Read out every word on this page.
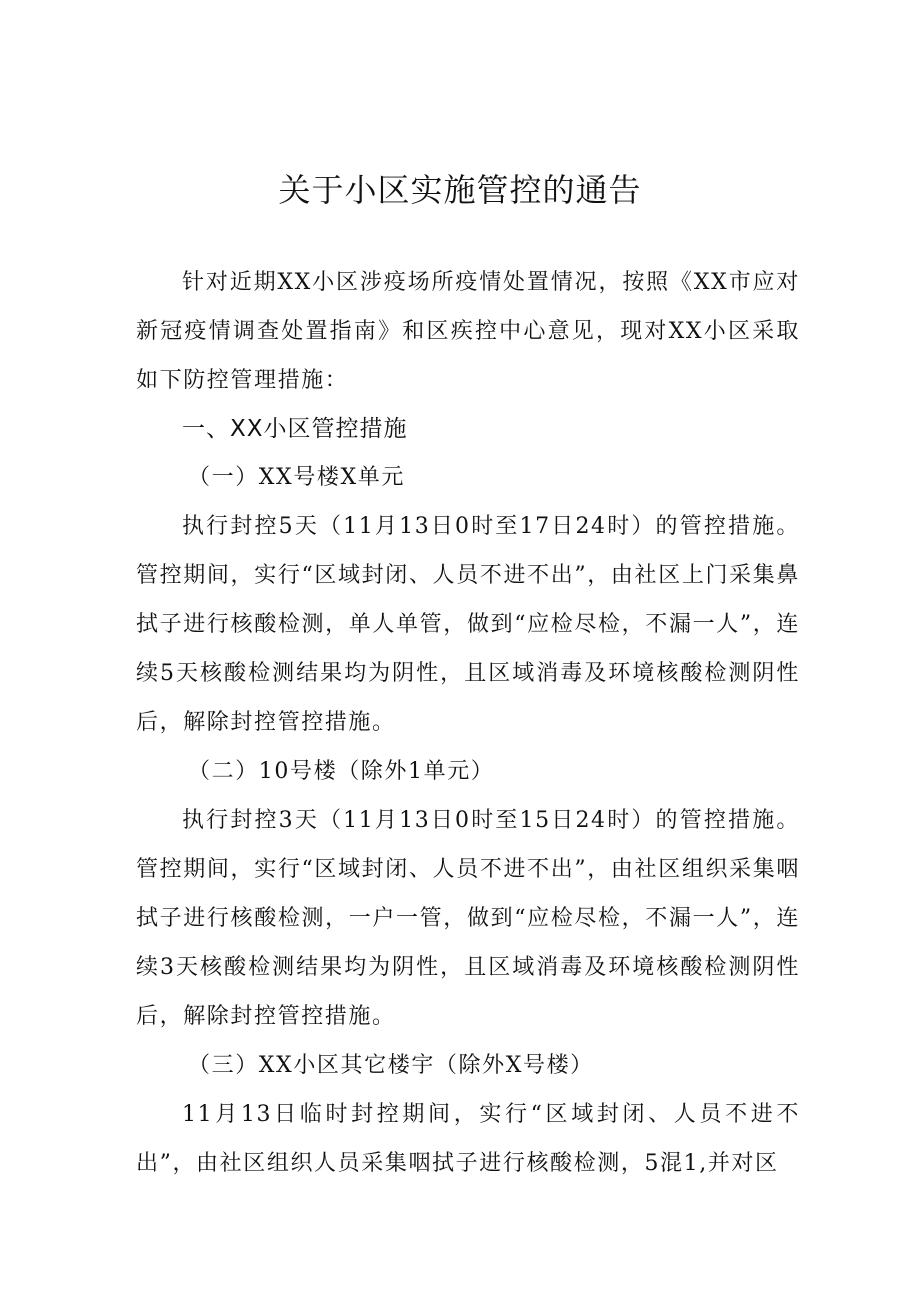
关于小区实施管控的通告

针对近期XX小区涉疫场所疫情处置情况，按照《XX市应对新冠疫情调查处置指南》和区疾控中心意见，现对XX小区采取如下防控管理措施：

一、XX小区管控措施

（一）XX号楼X单元

执行封控5天（11月13日0时至17日24时）的管控措施。管控期间，实行“区域封闭、人员不进不出”，由社区上门采集鼻拭子进行核酸检测，单人单管，做到“应检尽检，不漏一人”，连续5天核酸检测结果均为阴性，且区域消毒及环境核酸检测阴性后，解除封控管控措施。

（二）10号楼（除外1单元）

执行封控3天（11月13日0时至15日24时）的管控措施。管控期间，实行“区域封闭、人员不进不出”，由社区组织采集咽拭子进行核酸检测，一户一管，做到“应检尽检，不漏一人”，连续3天核酸检测结果均为阴性，且区域消毒及环境核酸检测阴性后，解除封控管控措施。

（三）XX小区其它楼宇（除外X号楼）

11月13日临时封控期间，实行“区域封闭、人员不进不出”，由社区组织人员采集咽拭子进行核酸检测，5混1,并对区
